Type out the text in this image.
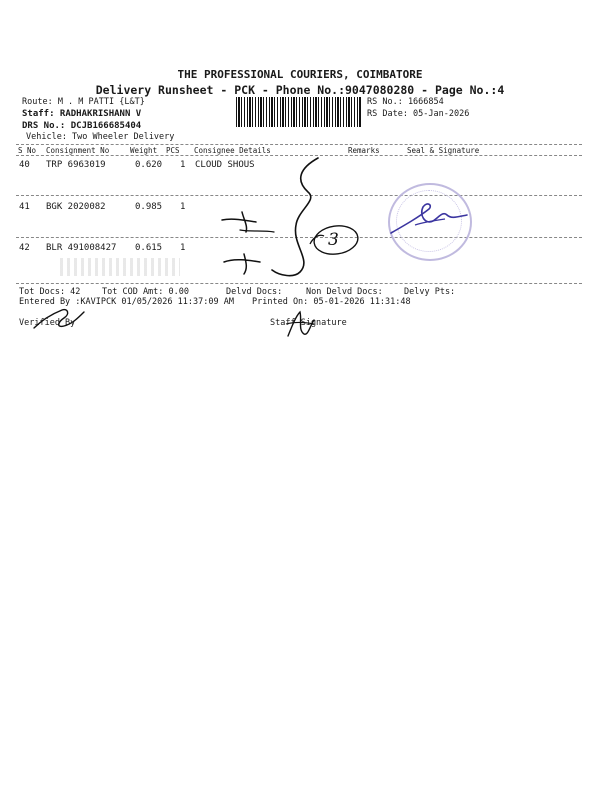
THE PROFESSIONAL COURIERS, COIMBATORE
Delivery Runsheet - PCK - Phone No.:9047080280 - Page No.:4
Route: M . M PATTI {L&T}
Staff: RADHAKRISHANN V
DRS No.: DCJB166685404
Vehicle: Two Wheeler Delivery
RS No.: 1666854
RS Date: 05-Jan-2026
S No Consignment No	Weight PCS Consignee Details	Remarks	Seal & Signature
40 TRP 6963019	0.620 1 CLOUD SHOUS
41 BGK 2020082	0.985 1
42 BLR 491008427 0.615 1	3
Tot Docs: 42	Tot COD Amt: 0.00	Delvd Docs:	Non Delvd Docs: Delvy Pts:
Entered By :KAVIPCK 01/05/2026 11:37:09 AM Printed On: 05-01-2026 11:31:48
Verified By	Staff Signature
